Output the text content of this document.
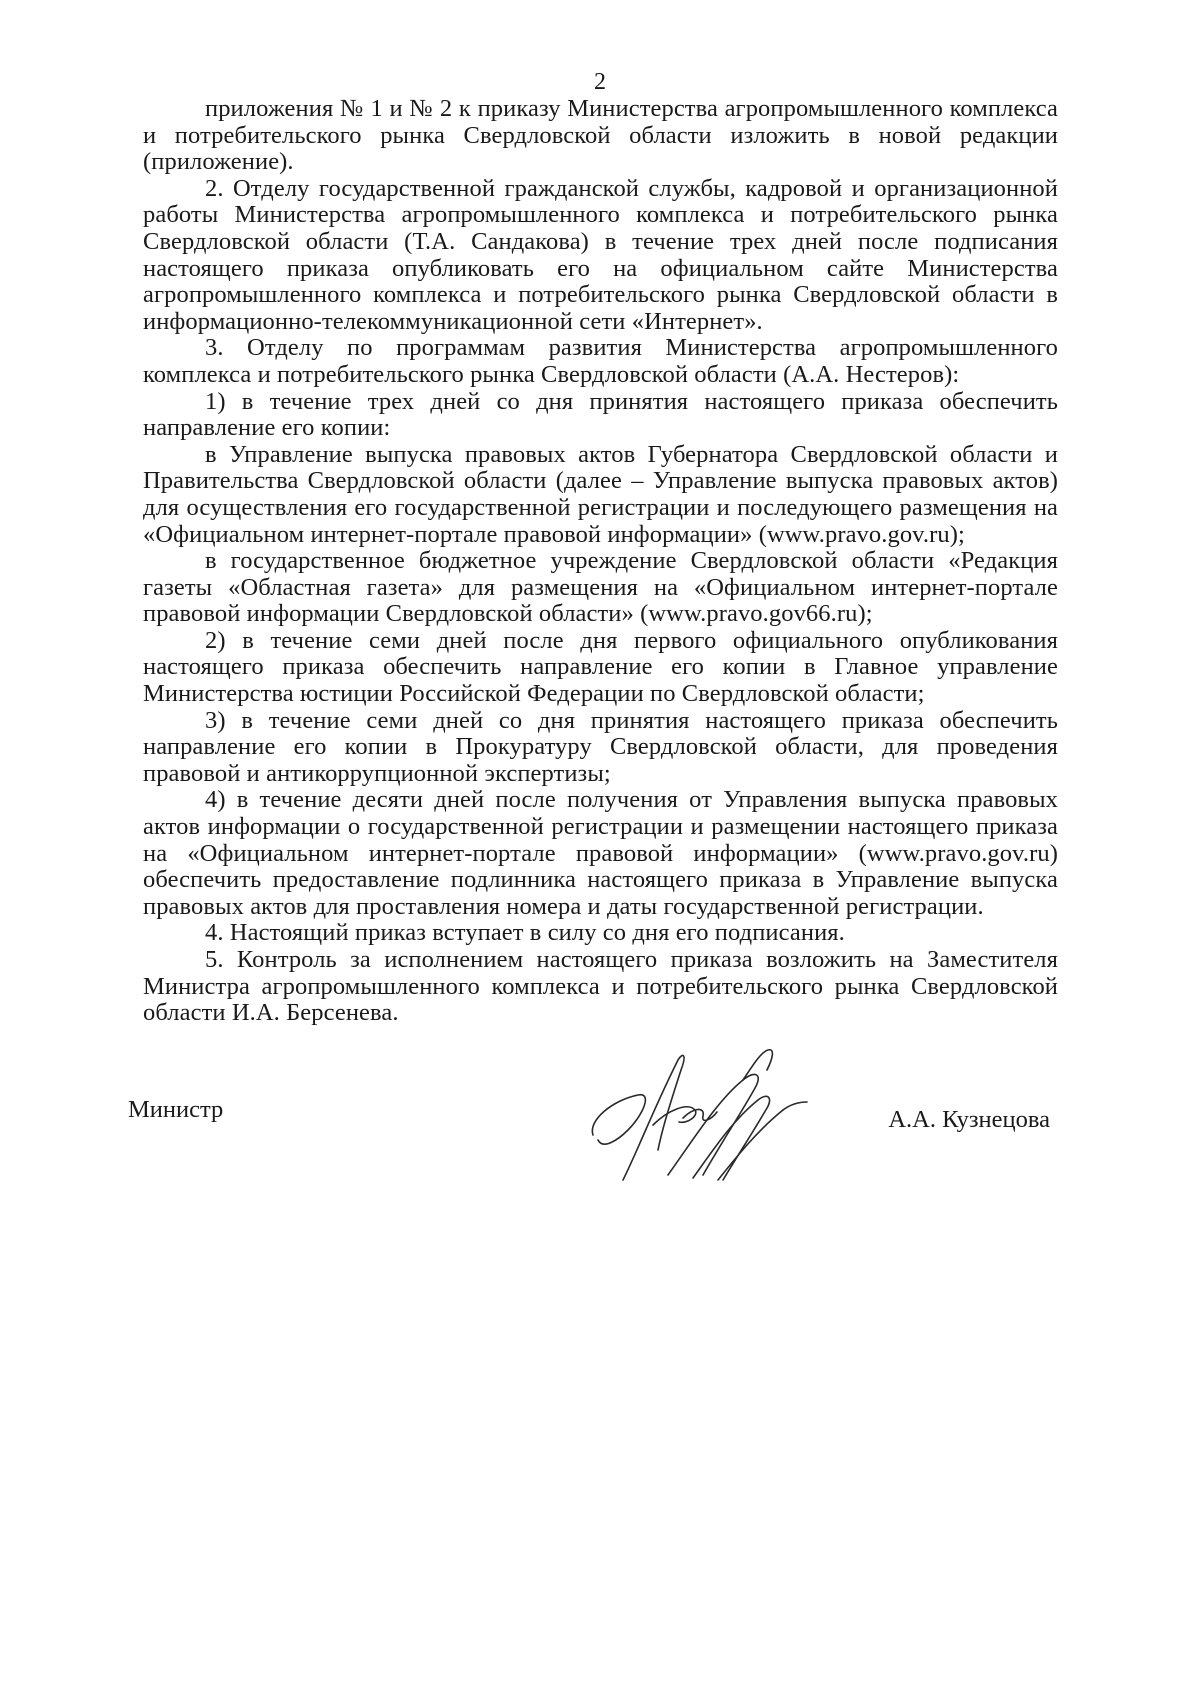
2

приложения № 1 и № 2 к приказу Министерства агропромышленного комплекса и потребительского рынка Свердловской области изложить в новой редакции (приложение).

2. Отделу государственной гражданской службы, кадровой и организационной работы Министерства агропромышленного комплекса и потребительского рынка Свердловской области (Т.А. Сандакова) в течение трех дней после подписания настоящего приказа опубликовать его на официальном сайте Министерства агропромышленного комплекса и потребительского рынка Свердловской области в информационно-телекоммуникационной сети «Интернет».

3. Отделу по программам развития Министерства агропромышленного комплекса и потребительского рынка Свердловской области (А.А. Нестеров):

1) в течение трех дней со дня принятия настоящего приказа обеспечить направление его копии:

в Управление выпуска правовых актов Губернатора Свердловской области и Правительства Свердловской области (далее – Управление выпуска правовых актов) для осуществления его государственной регистрации и последующего размещения на «Официальном интернет-портале правовой информации» (www.pravo.gov.ru);

в государственное бюджетное учреждение Свердловской области «Редакция газеты «Областная газета» для размещения на «Официальном интернет-портале правовой информации Свердловской области» (www.pravo.gov66.ru);

2) в течение семи дней после дня первого официального опубликования настоящего приказа обеспечить направление его копии в Главное управление Министерства юстиции Российской Федерации по Свердловской области;

3) в течение семи дней со дня принятия настоящего приказа обеспечить направление его копии в Прокуратуру Свердловской области, для проведения правовой и антикоррупционной экспертизы;

4) в течение десяти дней после получения от Управления выпуска правовых актов информации о государственной регистрации и размещении настоящего приказа на «Официальном интернет-портале правовой информации» (www.pravo.gov.ru) обеспечить предоставление подлинника настоящего приказа в Управление выпуска правовых актов для проставления номера и даты государственной регистрации.

4. Настоящий приказ вступает в силу со дня его подписания.

5. Контроль за исполнением настоящего приказа возложить на Заместителя Министра агропромышленного комплекса и потребительского рынка Свердловской области И.А. Берсенева.

Министр	А.А. Кузнецова
